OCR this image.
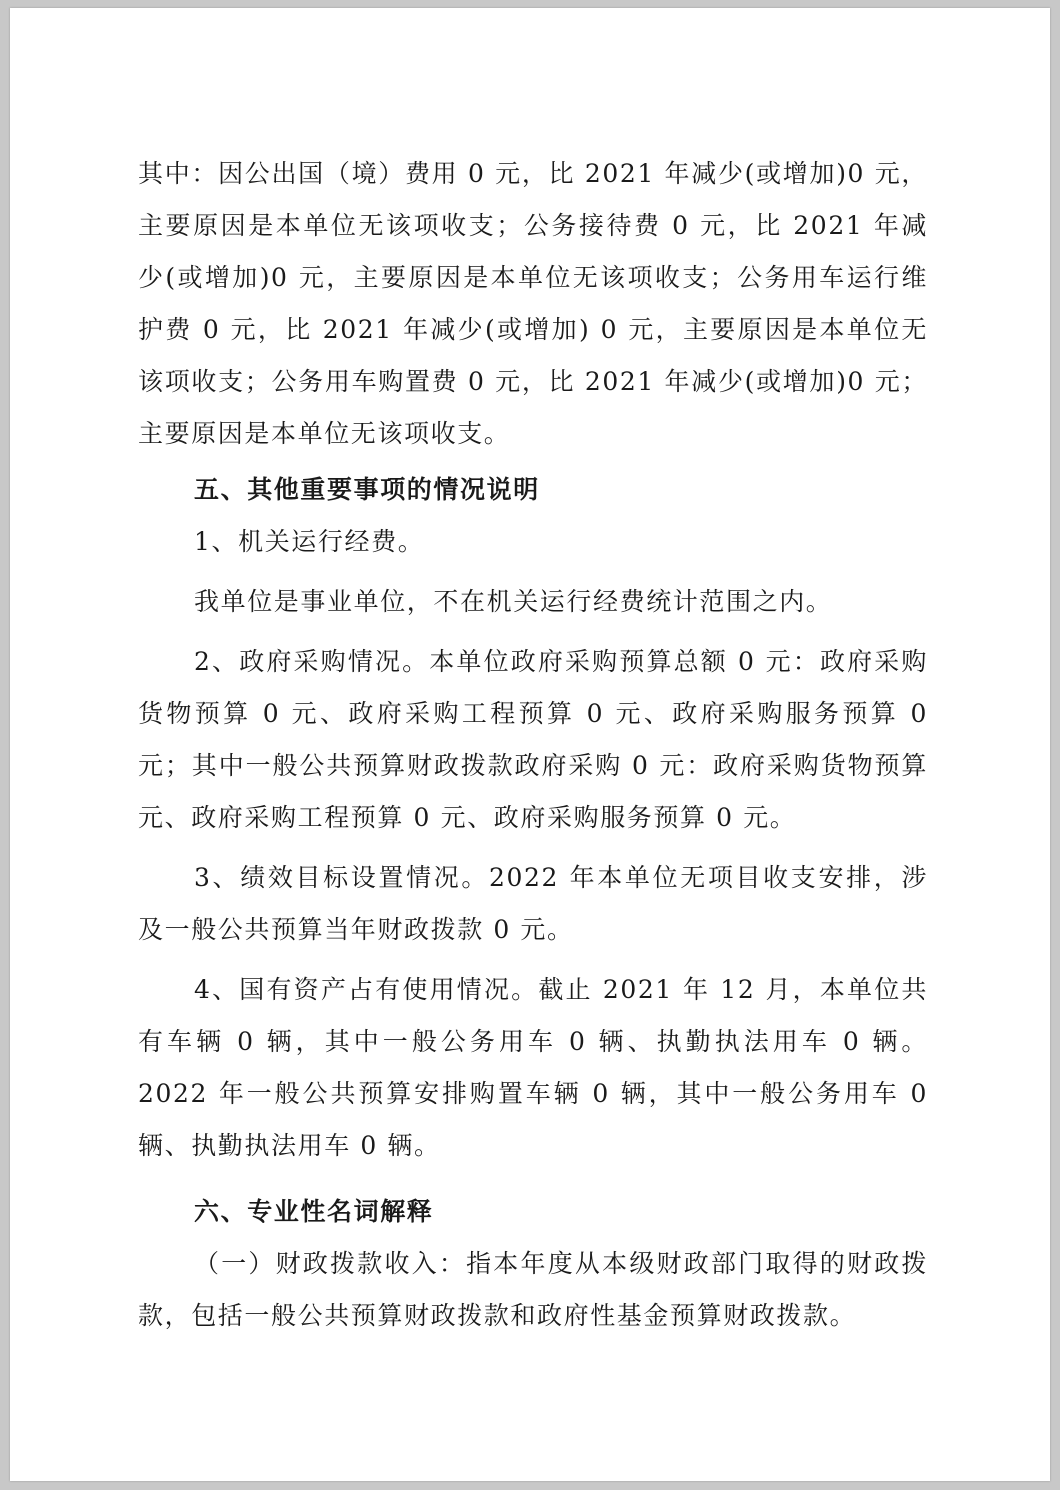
其中：因公出国（境）费用 0 元，比 2021 年减少(或增加)0 元，主要原因是本单位无该项收支；公务接待费 0 元，比 2021 年减少(或增加)0 元，主要原因是本单位无该项收支；公务用车运行维护费 0 元，比 2021 年减少(或增加) 0 元，主要原因是本单位无该项收支；公务用车购置费 0 元，比 2021 年减少(或增加)0 元；主要原因是本单位无该项收支。

五、其他重要事项的情况说明

1、机关运行经费。

我单位是事业单位，不在机关运行经费统计范围之内。

2、政府采购情况。本单位政府采购预算总额 0 元：政府采购货物预算 0 元、政府采购工程预算 0 元、政府采购服务预算 0 元；其中一般公共预算财政拨款政府采购 0 元：政府采购货物预算元、政府采购工程预算 0 元、政府采购服务预算 0 元。

3、绩效目标设置情况。2022 年本单位无项目收支安排，涉及一般公共预算当年财政拨款 0 元。

4、国有资产占有使用情况。截止 2021 年 12 月，本单位共有车辆 0 辆，其中一般公务用车 0 辆、执勤执法用车 0 辆。2022 年一般公共预算安排购置车辆 0 辆，其中一般公务用车 0 辆、执勤执法用车 0 辆。

六、专业性名词解释

（一）财政拨款收入：指本年度从本级财政部门取得的财政拨款，包括一般公共预算财政拨款和政府性基金预算财政拨款。
